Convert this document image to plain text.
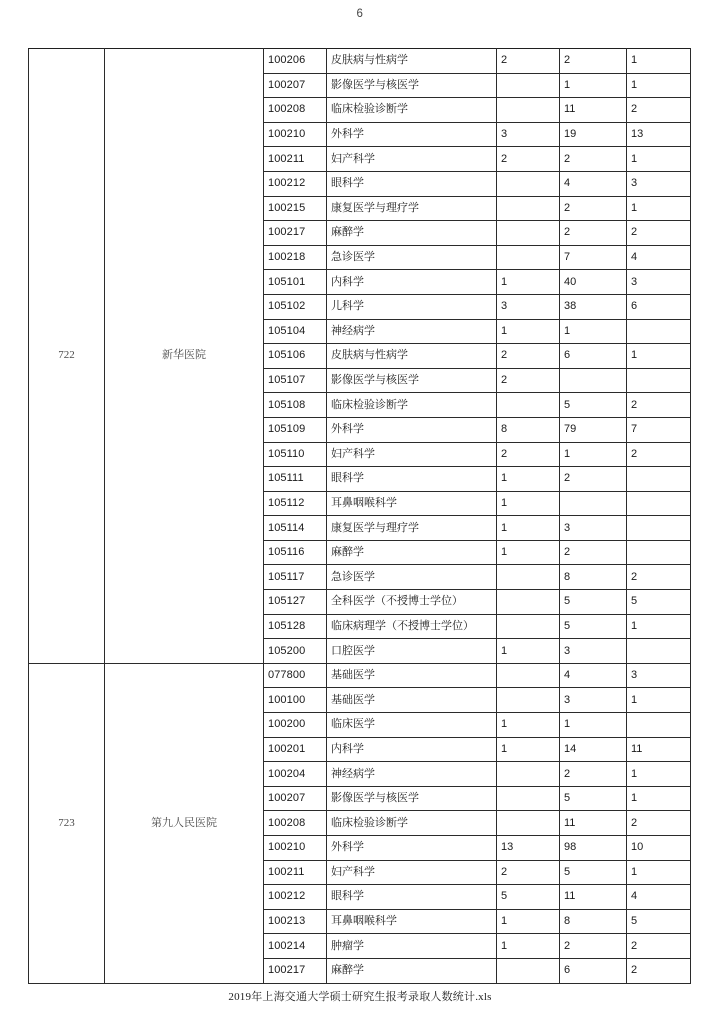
6
722	新华医院	100206	皮肤病与性病学	2	2	1
		100207	影像医学与核医学		1	1
		100208	临床检验诊断学		11	2
		100210	外科学	3	19	13
		100211	妇产科学	2	2	1
		100212	眼科学		4	3
		100215	康复医学与理疗学		2	1
		100217	麻醉学		2	2
		100218	急诊医学		7	4
		105101	内科学	1	40	3
		105102	儿科学	3	38	6
		105104	神经病学	1	1	
		105106	皮肤病与性病学	2	6	1
		105107	影像医学与核医学	2		
		105108	临床检验诊断学		5	2
		105109	外科学	8	79	7
		105110	妇产科学	2	1	2
		105111	眼科学	1	2	
		105112	耳鼻咽喉科学	1		
		105114	康复医学与理疗学	1	3	
		105116	麻醉学	1	2	
		105117	急诊医学		8	2
		105127	全科医学（不授博士学位）		5	5
		105128	临床病理学（不授博士学位）		5	1
		105200	口腔医学	1	3	
723	第九人民医院	077800	基础医学		4	3
		100100	基础医学		3	1
		100200	临床医学	1	1	
		100201	内科学	1	14	11
		100204	神经病学		2	1
		100207	影像医学与核医学		5	1
		100208	临床检验诊断学		11	2
		100210	外科学	13	98	10
		100211	妇产科学	2	5	1
		100212	眼科学	5	11	4
		100213	耳鼻咽喉科学	1	8	5
		100214	肿瘤学	1	2	2
		100217	麻醉学		6	2
2019年上海交通大学硕士研究生报考录取人数统计.xls
